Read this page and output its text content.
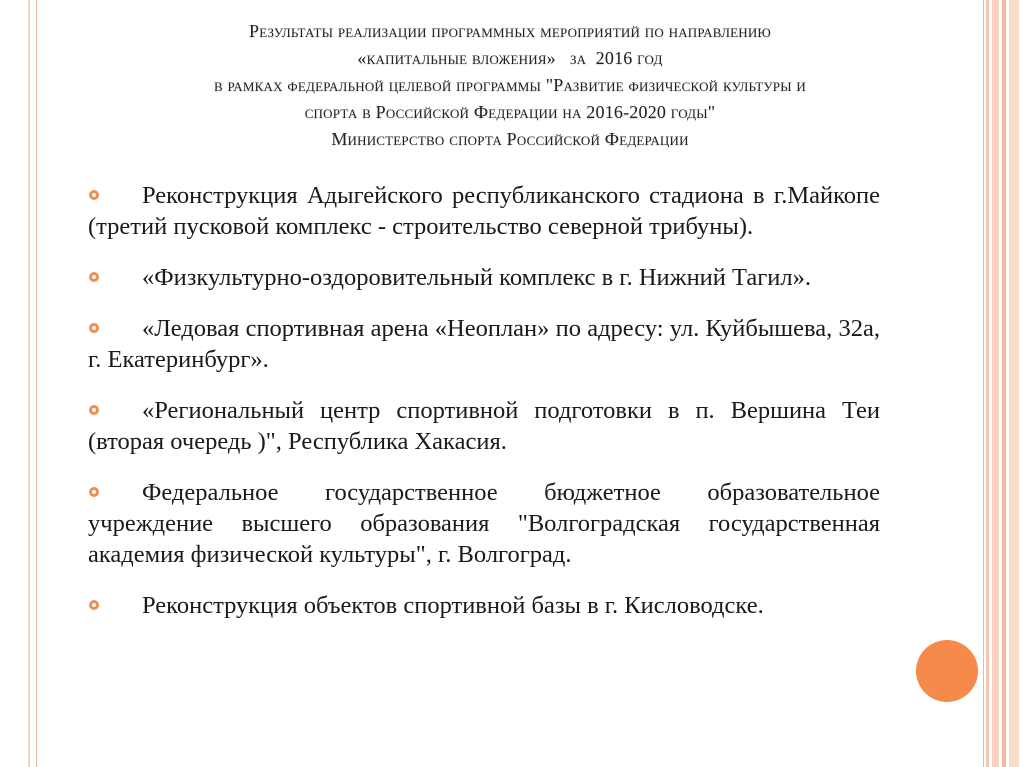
Результаты реализации программных мероприятий по направлению
«капитальные вложения»   за  2016 год
в рамках федеральной целевой программы "Развитие физической культуры и
спорта в Российской Федерации на 2016-2020 годы"
Министерство спорта Российской Федерации
Реконструкция Адыгейского республиканского стадиона в г.Майкопе (третий пусковой комплекс - строительство северной трибуны).
«Физкультурно-оздоровительный комплекс в г. Нижний Тагил».
«Ледовая спортивная арена «Неоплан» по адресу: ул. Куйбышева, 32а, г. Екатеринбург».
«Региональный центр спортивной подготовки в п. Вершина Теи (вторая очередь )", Республика Хакасия.
Федеральное государственное бюджетное образовательное учреждение высшего образования "Волгоградская государственная академия физической культуры", г. Волгоград.
Реконструкция объектов спортивной базы в г. Кисловодске.
